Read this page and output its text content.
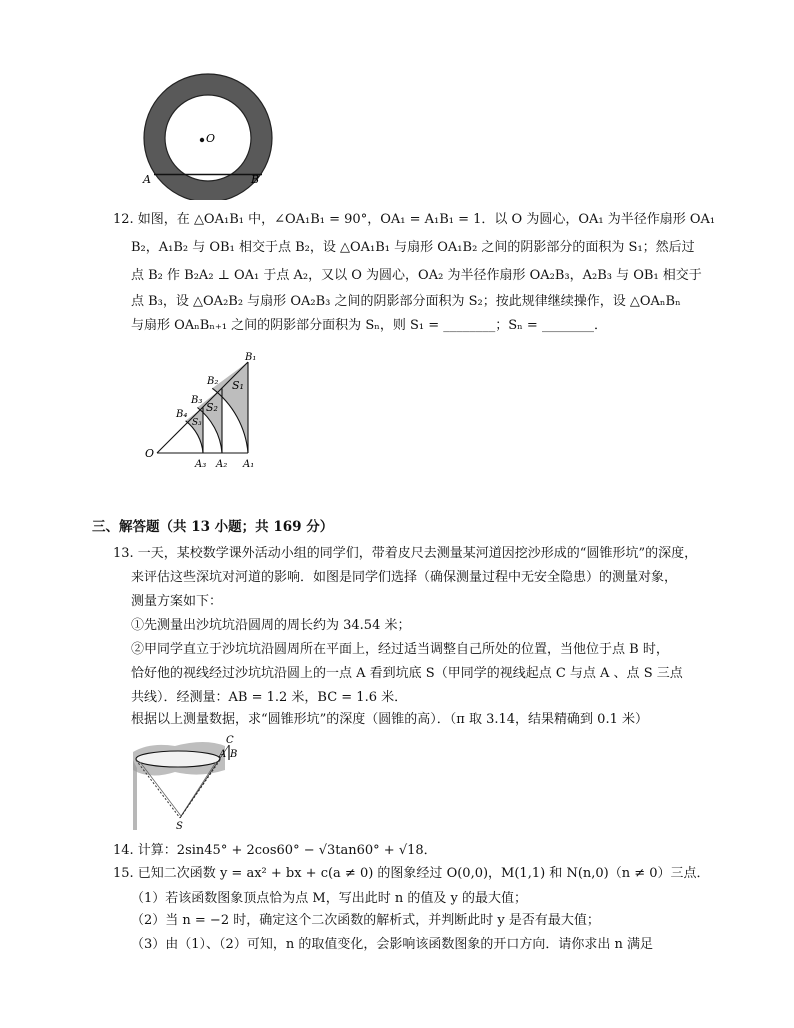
O
A	B
12. 如图，在 △OA₁B₁ 中，∠OA₁B₁ = 90°，OA₁ = A₁B₁ = 1．以 O 为圆心，OA₁ 为半径作扇形 OA₁
B₂，A₁B₂ 与 OB₁ 相交于点 B₂，设 △OA₁B₁ 与扇形 OA₁B₂ 之间的阴影部分的面积为 S₁；然后过
点 B₂ 作 B₂A₂ ⊥ OA₁ 于点 A₂，又以 O 为圆心，OA₂ 为半径作扇形 OA₂B₃，A₂B₃ 与 OB₁ 相交于
点 B₃，设 △OA₂B₂ 与扇形 OA₂B₃ 之间的阴影部分面积为 S₂；按此规律继续操作，设 △OAₙBₙ
与扇形 OAₙBₙ₊₁ 之间的阴影部分面积为 Sₙ，则 S₁ = ________；Sₙ = ________．
O
A₁
A₂
A₃
B₁
B₂
B₃
B₄
S₁
S₂
S₃
三、解答题（共 13 小题；共 169 分）
13. 一天，某校数学课外活动小组的同学们，带着皮尺去测量某河道因挖沙形成的“圆锥形坑”的深度，
来评估这些深坑对河道的影响．如图是同学们选择（确保测量过程中无安全隐患）的测量对象，
测量方案如下：
①先测量出沙坑坑沿圆周的周长约为 34.54 米；
②甲同学直立于沙坑坑沿圆周所在平面上，经过适当调整自己所处的位置，当他位于点 B 时，
恰好他的视线经过沙坑坑沿圆上的一点 A 看到坑底 S（甲同学的视线起点 C 与点 A 、点 S 三点
共线）．经测量：AB = 1.2 米，BC = 1.6 米．
根据以上测量数据，求“圆锥形坑”的深度（圆锥的高）．（π 取 3.14，结果精确到 0.1 米）
C
A B
S
14. 计算：2sin45° + 2cos60° − √3tan60° + √18．
15. 已知二次函数 y = ax² + bx + c(a ≠ 0) 的图象经过 O(0,0)，M(1,1) 和 N(n,0)（n ≠ 0）三点．
（1）若该函数图象顶点恰为点 M，写出此时 n 的值及 y 的最大值；
（2）当 n = −2 时，确定这个二次函数的解析式，并判断此时 y 是否有最大值；
（3）由（1）、（2）可知，n 的取值变化，会影响该函数图象的开口方向．请你求出 n 满足
